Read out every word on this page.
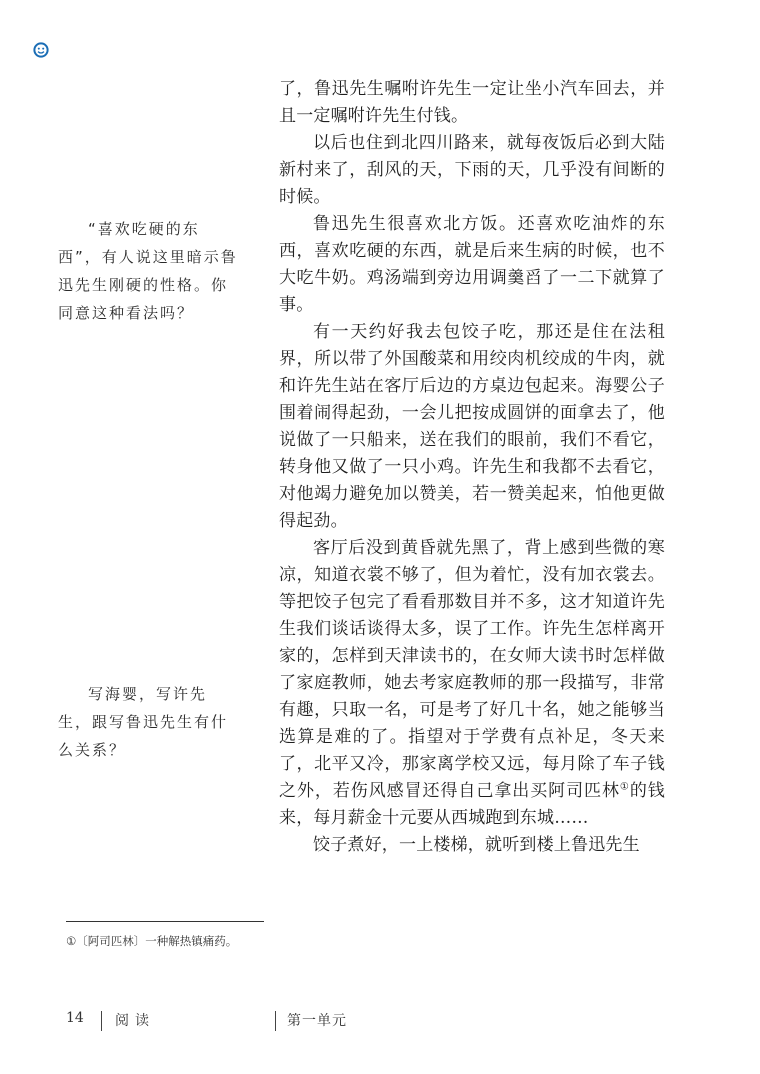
了，鲁迅先生嘱咐许先生一定让坐小汽车回去，并且一定嘱咐许先生付钱。

以后也住到北四川路来，就每夜饭后必到大陆新村来了，刮风的天，下雨的天，几乎没有间断的时候。

鲁迅先生很喜欢北方饭。还喜欢吃油炸的东西，喜欢吃硬的东西，就是后来生病的时候，也不大吃牛奶。鸡汤端到旁边用调羹舀了一二下就算了事。

有一天约好我去包饺子吃，那还是住在法租界，所以带了外国酸菜和用绞肉机绞成的牛肉，就和许先生站在客厅后边的方桌边包起来。海婴公子围着闹得起劲，一会儿把按成圆饼的面拿去了，他说做了一只船来，送在我们的眼前，我们不看它，转身他又做了一只小鸡。许先生和我都不去看它，对他竭力避免加以赞美，若一赞美起来，怕他更做得起劲。

客厅后没到黄昏就先黑了，背上感到些微的寒凉，知道衣裳不够了，但为着忙，没有加衣裳去。等把饺子包完了看看那数目并不多，这才知道许先生我们谈话谈得太多，误了工作。许先生怎样离开家的，怎样到天津读书的，在女师大读书时怎样做了家庭教师，她去考家庭教师的那一段描写，非常有趣，只取一名，可是考了好几十名，她之能够当选算是难的了。指望对于学费有点补足，冬天来了，北平又冷，那家离学校又远，每月除了车子钱之外，若伤风感冒还得自己拿出买阿司匹林①的钱来，每月薪金十元要从西城跑到东城……

饺子煮好，一上楼梯，就听到楼上鲁迅先生

“喜欢吃硬的东西”，有人说这里暗示鲁迅先生刚硬的性格。你同意这种看法吗？

写海婴，写许先生，跟写鲁迅先生有什么关系？

①〔阿司匹林〕一种解热镇痛药。
14 阅读	第一单元
